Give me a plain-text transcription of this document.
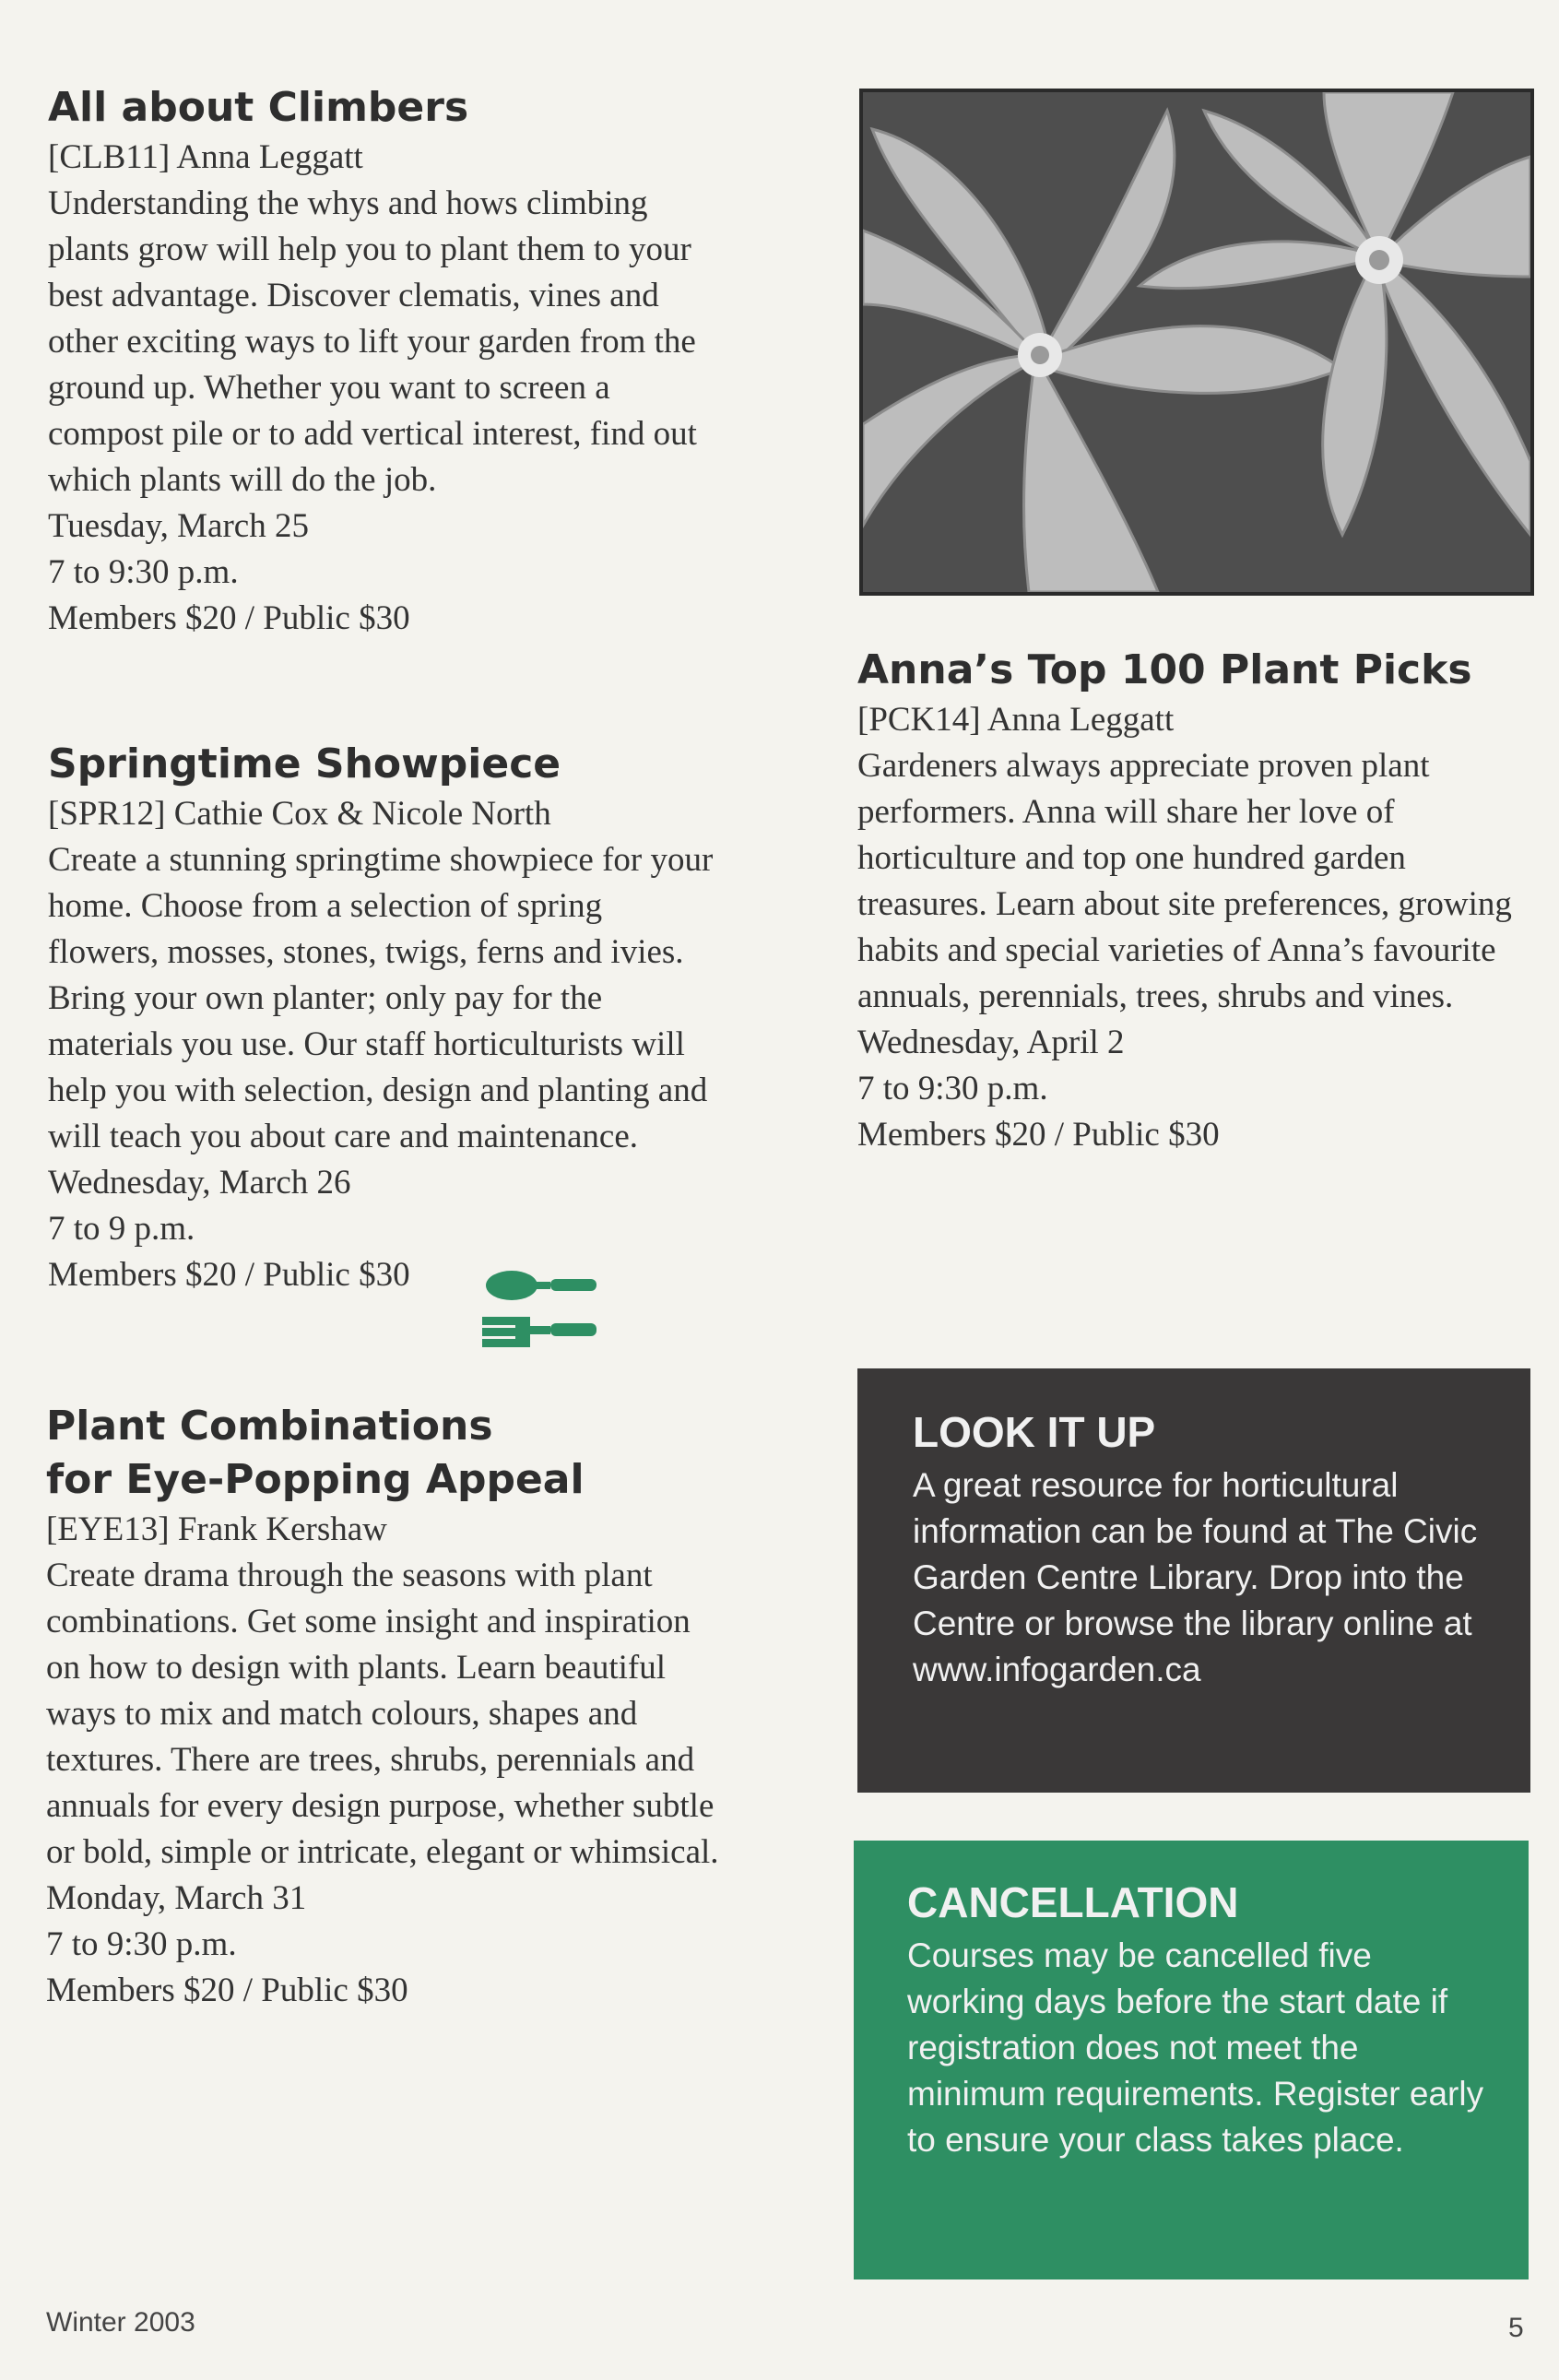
All about Climbers

[CLB11] Anna Leggatt

Understanding the whys and hows climbing plants grow will help you to plant them to your best advantage. Discover clematis, vines and other exciting ways to lift your garden from the ground up. Whether you want to screen a compost pile or to add vertical interest, find out which plants will do the job.

Tuesday, March 25

7 to 9:30 p.m.

Members $20 / Public $30

Springtime Showpiece

[SPR12] Cathie Cox & Nicole North

Create a stunning springtime showpiece for your home. Choose from a selection of spring flowers, mosses, stones, twigs, ferns and ivies. Bring your own planter; only pay for the materials you use. Our staff horticulturists will help you with selection, design and planting and will teach you about care and maintenance.

Wednesday, March 26

7 to 9 p.m.

Members $20 / Public $30

Plant Combinations
for Eye-Popping Appeal

[EYE13] Frank Kershaw

Create drama through the seasons with plant combinations. Get some insight and inspiration on how to design with plants. Learn beautiful ways to mix and match colours, shapes and textures. There are trees, shrubs, perennials and annuals for every design purpose, whether subtle or bold, simple or intricate, elegant or whimsical.

Monday, March 31

7 to 9:30 p.m.

Members $20 / Public $30

Anna’s Top 100 Plant Picks

[PCK14] Anna Leggatt

Gardeners always appreciate proven plant performers. Anna will share her love of horticulture and top one hundred garden treasures. Learn about site preferences, growing habits and special varieties of Anna’s favourite annuals, perennials, trees, shrubs and vines.

Wednesday, April 2

7 to 9:30 p.m.

Members $20 / Public $30

LOOK IT UP

A great resource for horticultural information can be found at The Civic Garden Centre Library. Drop into the Centre or browse the library online at www.infogarden.ca

CANCELLATION

Courses may be cancelled five working days before the start date if registration does not meet the minimum requirements. Register early to ensure your class takes place.

Winter 2003	5
